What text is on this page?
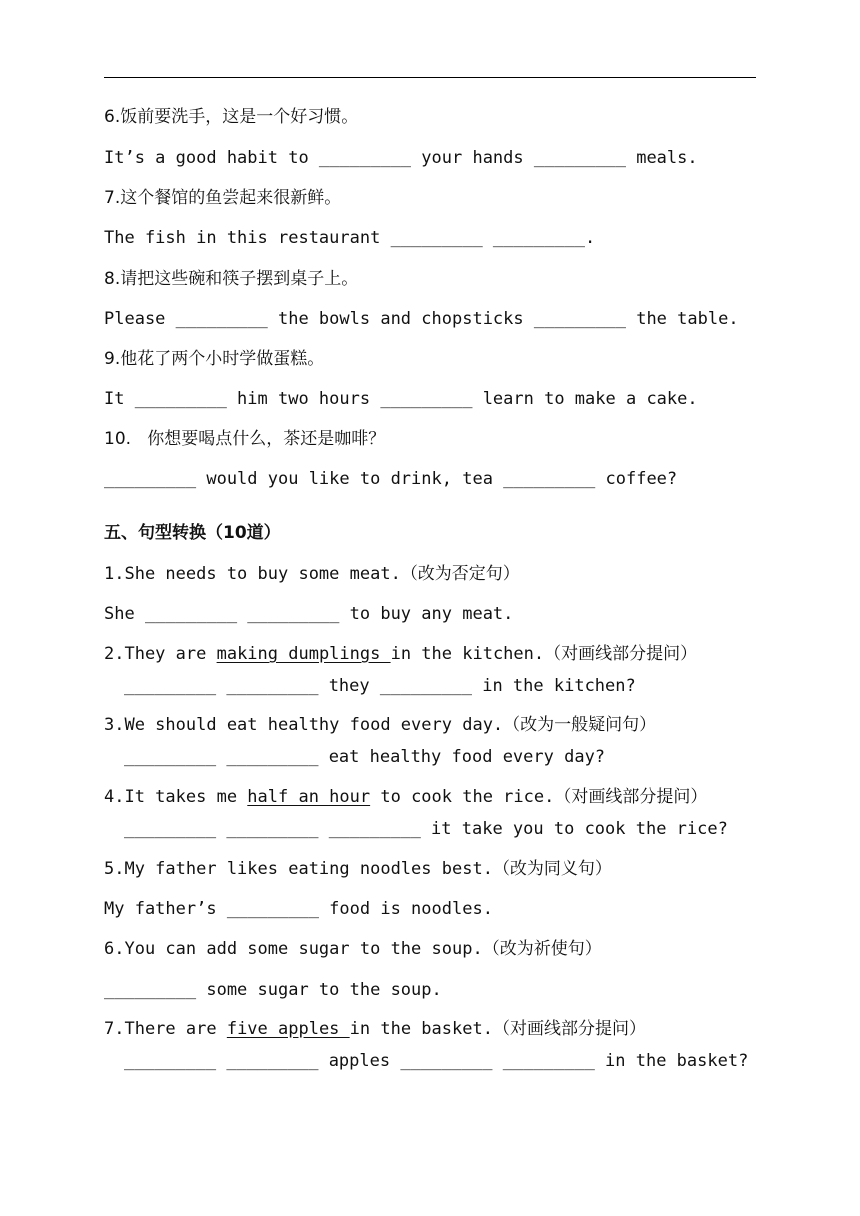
6.饭前要洗手，这是一个好习惯。
It’s a good habit to _________ your hands _________ meals.
7.这个餐馆的鱼尝起来很新鲜。
The fish in this restaurant _________ _________.
8.请把这些碗和筷子摆到桌子上。
Please _________ the bowls and chopsticks _________ the table.
9.他花了两个小时学做蛋糕。
It _________ him two hours _________ learn to make a cake.
10.   你想要喝点什么，茶还是咖啡？
_________ would you like to drink, tea _________ coffee?
五、句型转换（10道）
1.She needs to buy some meat.（改为否定句）
She _________ _________ to buy any meat.
2.They are making dumplings in the kitchen.（对画线部分提问）
_________ _________ they _________ in the kitchen?
3.We should eat healthy food every day.（改为一般疑问句）
_________ _________ eat healthy food every day?
4.It takes me half an hour to cook the rice.（对画线部分提问）
_________ _________ _________ it take you to cook the rice?
5.My father likes eating noodles best.（改为同义句）
My father’s _________ food is noodles.
6.You can add some sugar to the soup.（改为祈使句）
_________ some sugar to the soup.
7.There are five apples in the basket.（对画线部分提问）
_________ _________ apples _________ _________ in the basket?
